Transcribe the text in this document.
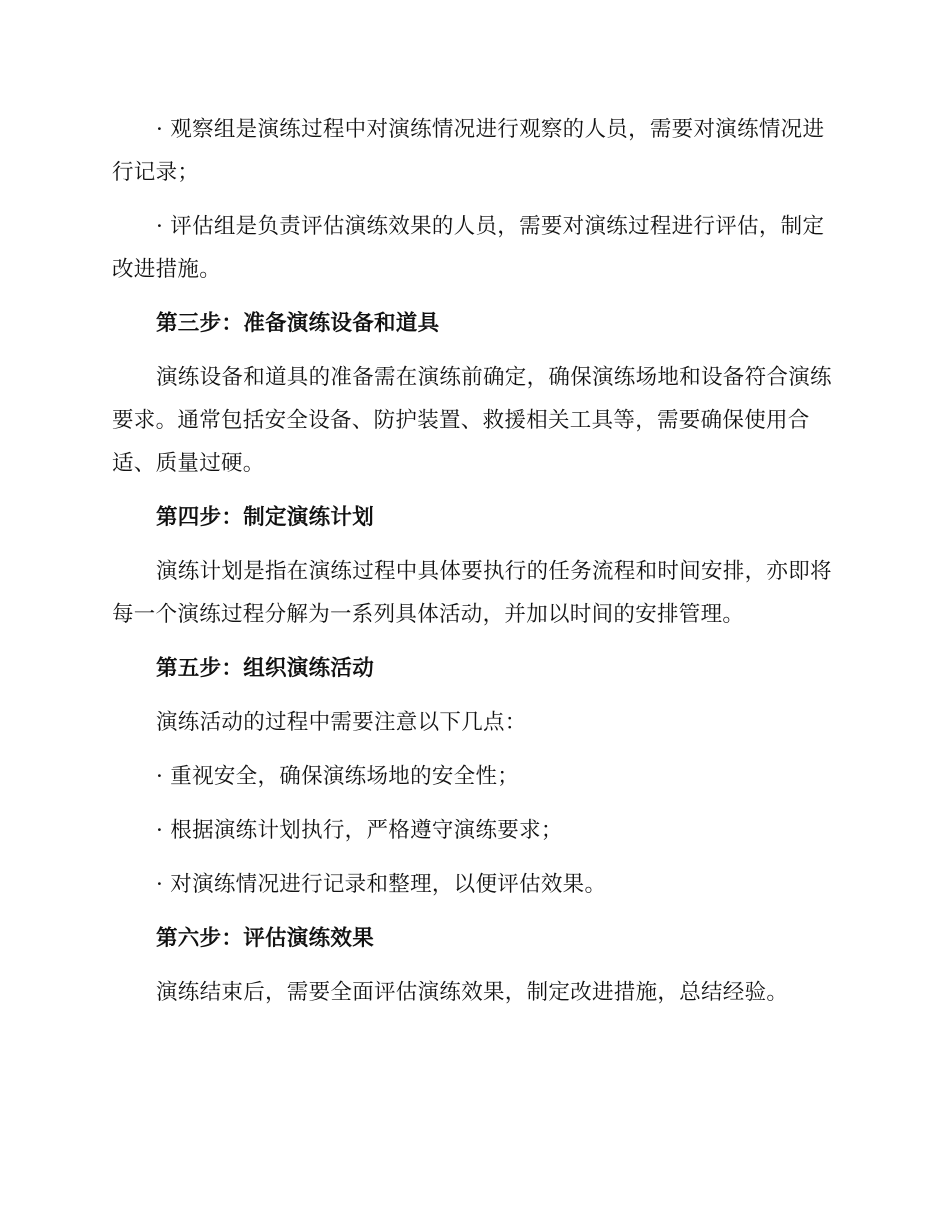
· 观察组是演练过程中对演练情况进行观察的人员，需要对演练情况进行记录；

· 评估组是负责评估演练效果的人员，需要对演练过程进行评估，制定改进措施。

第三步：准备演练设备和道具

演练设备和道具的准备需在演练前确定，确保演练场地和设备符合演练要求。通常包括安全设备、防护装置、救援相关工具等，需要确保使用合适、质量过硬。

第四步：制定演练计划

演练计划是指在演练过程中具体要执行的任务流程和时间安排，亦即将每一个演练过程分解为一系列具体活动，并加以时间的安排管理。

第五步：组织演练活动

演练活动的过程中需要注意以下几点：

· 重视安全，确保演练场地的安全性；

· 根据演练计划执行，严格遵守演练要求；

· 对演练情况进行记录和整理，以便评估效果。

第六步：评估演练效果

演练结束后，需要全面评估演练效果，制定改进措施，总结经验。
